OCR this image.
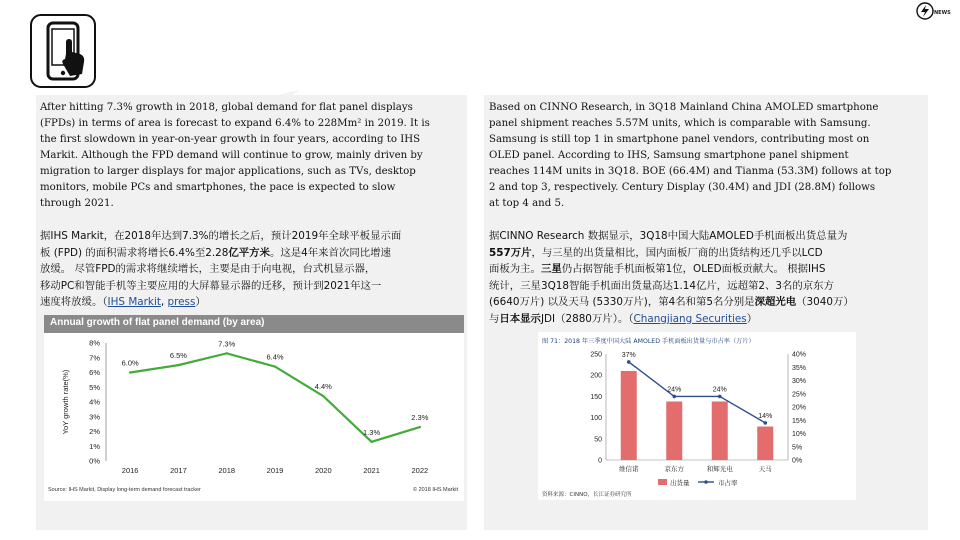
NEWS
After hitting 7.3% growth in 2018, global demand for flat panel displays
(FPDs) in terms of area is forecast to expand 6.4% to 228Mm² in 2019. It is
the first slowdown in year-on-year growth in four years, according to IHS
Markit. Although the FPD demand will continue to grow, mainly driven by
migration to larger displays for major applications, such as TVs, desktop
monitors, mobile PCs and smartphones, the pace is expected to slow
through 2021.
据IHS Markit，在2018年达到7.3%的增长之后，预计2019年全球平板显示面
板 (FPD) 的面积需求将增长6.4%至2.28亿平方米。这是4年来首次同比增速
放缓。 尽管FPD的需求将继续增长，主要是由于向电视，台式机显示器，
移动PC和智能手机等主要应用的大屏幕显示器的迁移，预计到2021年这一
速度将放缓。（IHS Markit, press）
Annual growth of flat panel demand (by area)
0%
1%
2%
3%
4%
5%
6%
7%
8%
YoY growth rate(%)
2016	2017	2018	2019	2020	2021	2022
6.0%
6.5%
7.3%
6.4%
4.4%
1.3%
2.3%
Source: IHS Markit, Display long-term demand forecast tracker	© 2018 IHS Markit
Based on CINNO Research, in 3Q18 Mainland China AMOLED smartphone
panel shipment reaches 5.57M units, which is comparable with Samsung.
Samsung is still top 1 in smartphone panel vendors, contributing most on
OLED panel. According to IHS, Samsung smartphone panel shipment
reaches 114M units in 3Q18. BOE (66.4M) and Tianma (53.3M) follows at top
2 and top 3, respectively. Century Display (30.4M) and JDI (28.8M) follows
at top 4 and 5.
据CINNO Research 数据显示，3Q18中国大陆AMOLED手机面板出货总量为
557万片，与三星的出货量相比，国内面板厂商的出货结构还几乎以LCD
面板为主。三星仍占据智能手机面板第1位，OLED面板贡献大。 根据IHS
统计，三星3Q18智能手机面出货量高达1.14亿片，远超第2、3名的京东方
(6640万片) 以及天马 (5330万片)，第4名和第5名分别是深超光电（3040万）
与日本显示JDI（2880万片）。（Changjiang Securities）
图 71：2018 年三季度中国大陆 AMOLED 手机面板出货量与市占率（万片）
0
50
100
150
200
250
0%
5%
10%
15%
20%
25%
30%
35%
40%
维信诺	京东方	和辉光电	天马
37%
24%	24%
14%
出货量	市占率
资料来源：CINNO，长江证券研究所
